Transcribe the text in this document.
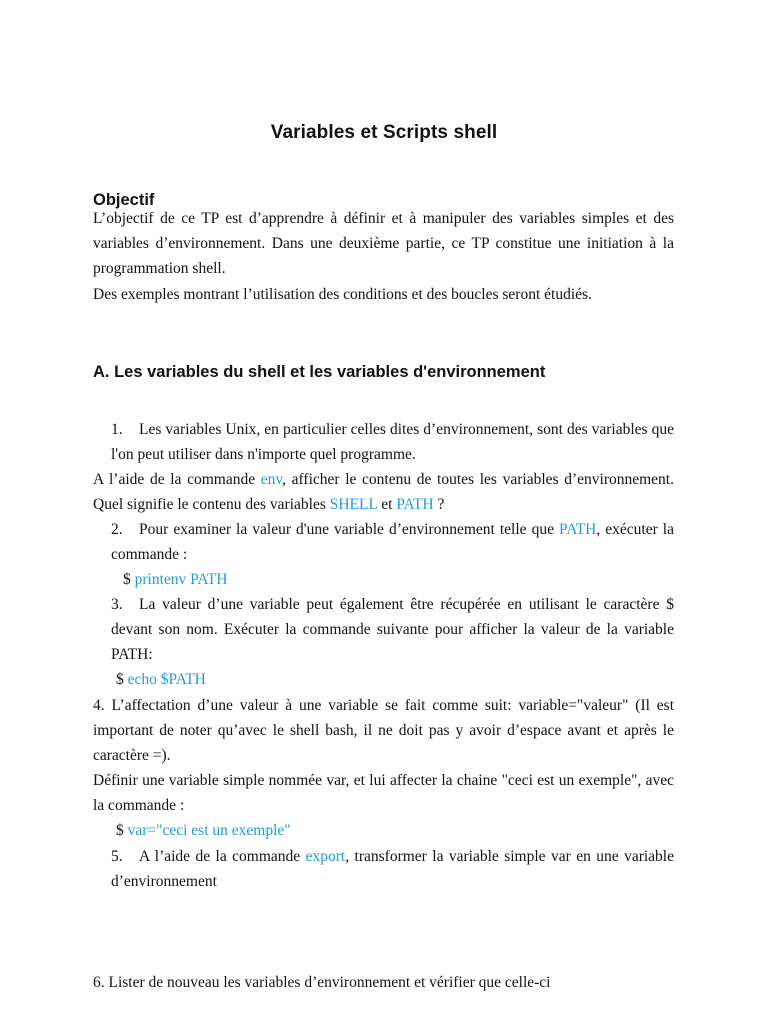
Variables et Scripts shell
Objectif
L’objectif de ce TP est d’apprendre à définir et à manipuler des variables simples et des variables d’environnement. Dans une deuxième partie, ce TP constitue une initiation à la programmation shell.
Des exemples montrant l’utilisation des conditions et des boucles seront étudiés.
A. Les variables du shell et les variables d'environnement
1. Les variables Unix, en particulier celles dites d’environnement, sont des variables que l'on peut utiliser dans n'importe quel programme.
A l’aide de la commande env, afficher le contenu de toutes les variables d’environnement. Quel signifie le contenu des variables SHELL et PATH ?
2. Pour examiner la valeur d'une variable d’environnement telle que PATH, exécuter la commande :
$ printenv PATH
3. La valeur d’une variable peut également être récupérée en utilisant le caractère $ devant son nom. Exécuter la commande suivante pour afficher la valeur de la variable PATH:
$ echo $PATH
4. L’affectation d’une valeur à une variable se fait comme suit: variable="valeur" (Il est important de noter qu’avec le shell bash, il ne doit pas y avoir d’espace avant et après le caractère =).
Définir une variable simple nommée var, et lui affecter la chaine "ceci est un exemple", avec la commande :
$ var="ceci est un exemple"
5. A l’aide de la commande export, transformer la variable simple var en une variable d’environnement
6. Lister de nouveau les variables d’environnement et vérifier que celle-ci
